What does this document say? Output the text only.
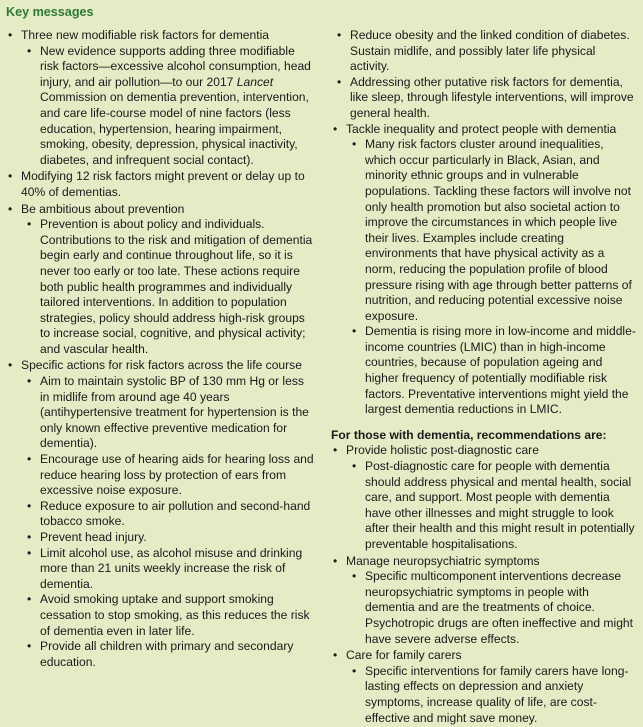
Key messages
• Three new modifiable risk factors for dementia
• New evidence supports adding three modifiable risk factors—excessive alcohol consumption, head injury, and air pollution—to our 2017 Lancet Commission on dementia prevention, intervention, and care life-course model of nine factors (less education, hypertension, hearing impairment, smoking, obesity, depression, physical inactivity, diabetes, and infrequent social contact).
• Modifying 12 risk factors might prevent or delay up to 40% of dementias.
• Be ambitious about prevention
• Prevention is about policy and individuals. Contributions to the risk and mitigation of dementia begin early and continue throughout life, so it is never too early or too late. These actions require both public health programmes and individually tailored interventions. In addition to population strategies, policy should address high-risk groups to increase social, cognitive, and physical activity; and vascular health.
• Specific actions for risk factors across the life course
• Aim to maintain systolic BP of 130 mm Hg or less in midlife from around age 40 years (antihypertensive treatment for hypertension is the only known effective preventive medication for dementia).
• Encourage use of hearing aids for hearing loss and reduce hearing loss by protection of ears from excessive noise exposure.
• Reduce exposure to air pollution and second-hand tobacco smoke.
• Prevent head injury.
• Limit alcohol use, as alcohol misuse and drinking more than 21 units weekly increase the risk of dementia.
• Avoid smoking uptake and support smoking cessation to stop smoking, as this reduces the risk of dementia even in later life.
• Provide all children with primary and secondary education.
• Reduce obesity and the linked condition of diabetes. Sustain midlife, and possibly later life physical activity.
• Addressing other putative risk factors for dementia, like sleep, through lifestyle interventions, will improve general health.
• Tackle inequality and protect people with dementia
• Many risk factors cluster around inequalities, which occur particularly in Black, Asian, and minority ethnic groups and in vulnerable populations. Tackling these factors will involve not only health promotion but also societal action to improve the circumstances in which people live their lives. Examples include creating environments that have physical activity as a norm, reducing the population profile of blood pressure rising with age through better patterns of nutrition, and reducing potential excessive noise exposure.
• Dementia is rising more in low-income and middle-income countries (LMIC) than in high-income countries, because of population ageing and higher frequency of potentially modifiable risk factors. Preventative interventions might yield the largest dementia reductions in LMIC.
For those with dementia, recommendations are:
• Provide holistic post-diagnostic care
• Post-diagnostic care for people with dementia should address physical and mental health, social care, and support. Most people with dementia have other illnesses and might struggle to look after their health and this might result in potentially preventable hospitalisations.
• Manage neuropsychiatric symptoms
• Specific multicomponent interventions decrease neuropsychiatric symptoms in people with dementia and are the treatments of choice. Psychotropic drugs are often ineffective and might have severe adverse effects.
• Care for family carers
• Specific interventions for family carers have long-lasting effects on depression and anxiety symptoms, increase quality of life, are cost-effective and might save money.
